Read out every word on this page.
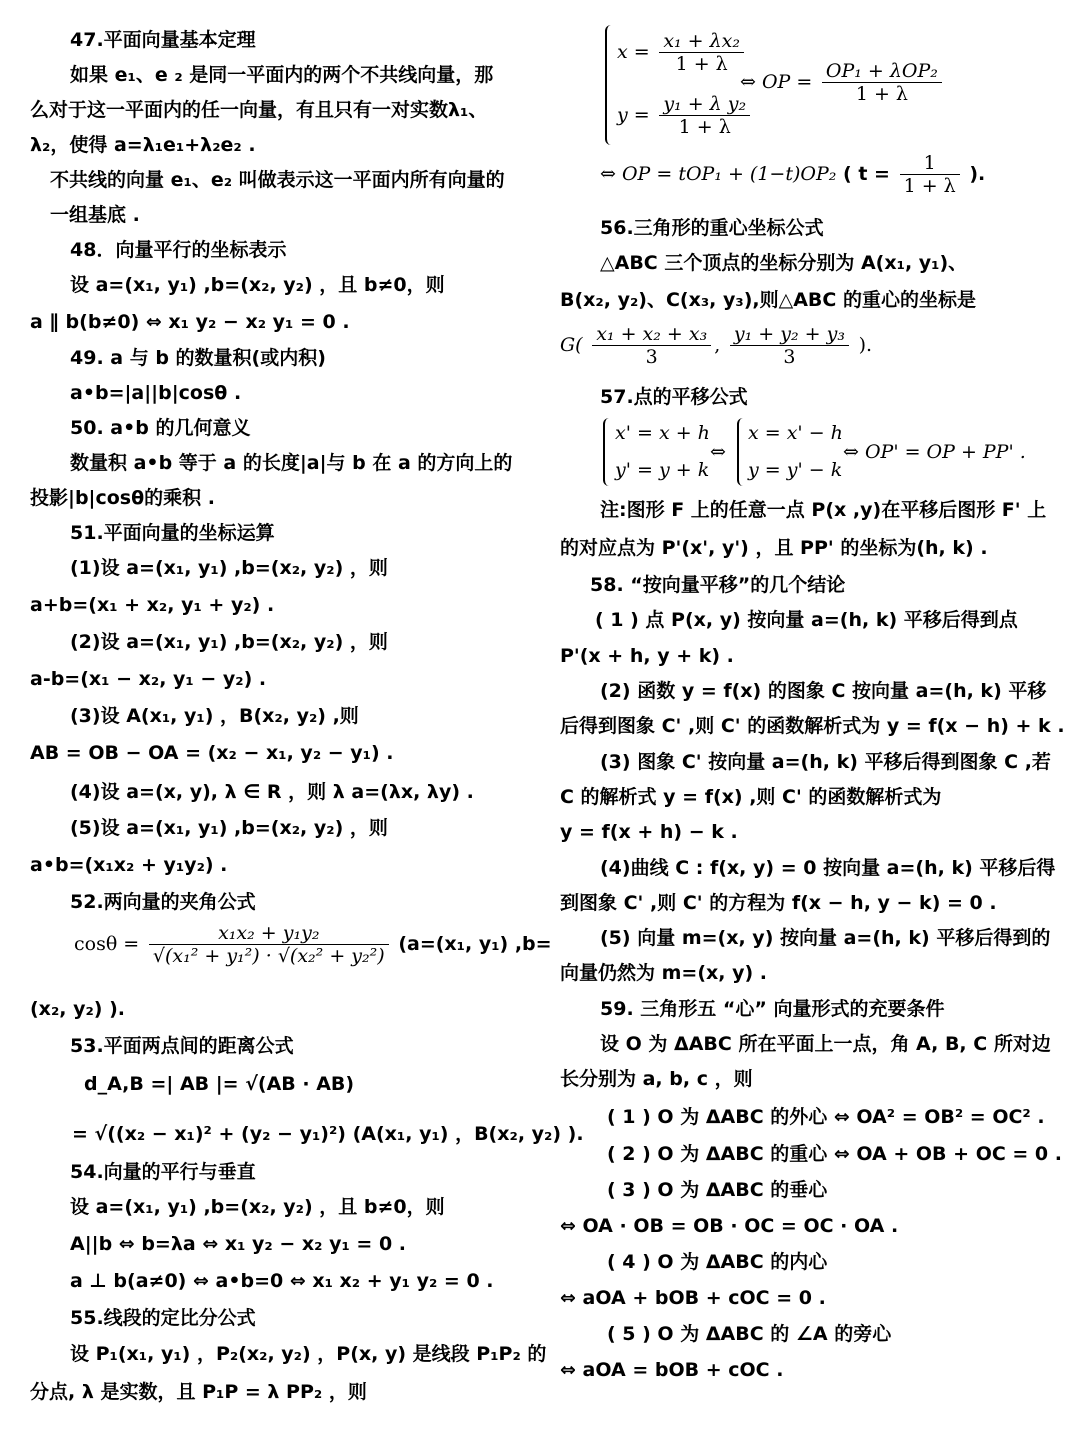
47.平面向量基本定理
如果 e₁、e ₂ 是同一平面内的两个不共线向量，那
么对于这一平面内的任一向量，有且只有一对实数λ₁、
λ₂，使得 a=λ₁e₁+λ₂e₂ .
不共线的向量 e₁、e₂ 叫做表示这一平面内所有向量的
一组基底 .
48．向量平行的坐标表示
设 a=(x₁, y₁) ,b=(x₂, y₂) ，且 b≠0，则
a ∥ b(b≠0) ⇔ x₁ y₂ − x₂ y₁ = 0 .
49. a 与 b 的数量积(或内积)
a•b=|a||b|cosθ .
50. a•b 的几何意义
数量积 a•b 等于 a 的长度|a|与 b 在 a 的方向上的
投影|b|cosθ的乘积 .
51.平面向量的坐标运算
(1)设 a=(x₁, y₁) ,b=(x₂, y₂) ，则
a+b=(x₁ + x₂, y₁ + y₂) .
(2)设 a=(x₁, y₁) ,b=(x₂, y₂) ，则
a-b=(x₁ − x₂, y₁ − y₂) .
(3)设 A(x₁, y₁) ，B(x₂, y₂) ,则
AB = OB − OA = (x₂ − x₁, y₂ − y₁) .
(4)设 a=(x, y), λ ∈ R ，则 λ a=(λx, λy) .
(5)设 a=(x₁, y₁) ,b=(x₂, y₂) ，则
a•b=(x₁x₂ + y₁y₂) .
52.两向量的夹角公式
$\cos\theta = \frac{\text{x₁x₂ + y₁y₂}}{\text{√(x₁² + y₁²) · √(x₂² + y₂²)}} (a=(x_1$, y₁) ,b=
(x₂, y₂) ).
53.平面两点间的距离公式
d_A,B =| AB |= √(AB · AB)
= √((x₂ − x₁)² + (y₂ − y₁)²) (A(x₁, y₁) ，B(x₂, y₂) ).
54.向量的平行与垂直
设 a=(x₁, y₁) ,b=(x₂, y₂) ，且 b≠0，则
A||b ⇔ b=λa ⇔ x₁ y₂ − x₂ y₁ = 0 .
a ⊥ b(a≠0) ⇔ a•b=0 ⇔ x₁ x₂ + y₁ y₂ = 0 .
55.线段的定比分公式
设 P₁(x₁, y₁) ，P₂(x₂, y₂) ，P(x, y) 是线段 P₁P₂ 的
分点, λ 是实数，且 P₁P = λ PP₂ ，则
$x = \frac{\text{x₁ + λx₂}}{1 + \lambda}$
$y = \frac{\text{y₁ + λ y₂}}{1 + \lambda}$
⇔ OP = $\frac{\text{OP₁ + λOP₂}}{1 + \lambda}$
⇔ OP = tOP₁ + (1−t)OP₂ ( $t = \frac{1}{1 + \lambda}$ ).
56.三角形的重心坐标公式
△ABC 三个顶点的坐标分别为 A(x₁, y₁)、
B(x₂, y₂)、C(x₃, y₃),则△ABC 的重心的坐标是
$G( \frac{\text{x₁ + x₂ + x₃}}{3}$ , $\frac{\text{y₁ + y₂ + y₃}}{3}$ ).
57.点的平移公式
x' = x + h
y' = y + k
⇔
x = x' − h
y = y' − k
⇔ OP' = OP + PP' .
注:图形 F 上的任意一点 P(x ,y)在平移后图形 F' 上
的对应点为 P'(x', y') ，且 PP' 的坐标为(h, k) .
58. “按向量平移”的几个结论
( 1 ) 点 P(x, y) 按向量 a=(h, k) 平移后得到点
P'(x + h, y + k) .
(2) 函数 y = f(x) 的图象 C 按向量 a=(h, k) 平移
后得到图象 C' ,则 C' 的函数解析式为 y = f(x − h) + k .
(3) 图象 C' 按向量 a=(h, k) 平移后得到图象 C ,若
C 的解析式 y = f(x) ,则 C' 的函数解析式为
y = f(x + h) − k .
(4)曲线 C : f(x, y) = 0 按向量 a=(h, k) 平移后得
到图象 C' ,则 C' 的方程为 f(x − h, y − k) = 0 .
(5) 向量 m=(x, y) 按向量 a=(h, k) 平移后得到的
向量仍然为 m=(x, y) .
59. 三角形五 “心” 向量形式的充要条件
设 O 为 ΔABC 所在平面上一点，角 A, B, C 所对边
长分别为 a, b, c ，则
( 1 ) O 为 ΔABC 的外心 ⇔ OA² = OB² = OC² .
( 2 ) O 为 ΔABC 的重心 ⇔ OA + OB + OC = 0 .
( 3 ) O 为 ΔABC 的垂心
⇔ OA · OB = OB · OC = OC · OA .
( 4 ) O 为 ΔABC 的内心
⇔ aOA + bOB + cOC = 0 .
( 5 ) O 为 ΔABC 的 ∠A 的旁心
⇔ aOA = bOB + cOC .
